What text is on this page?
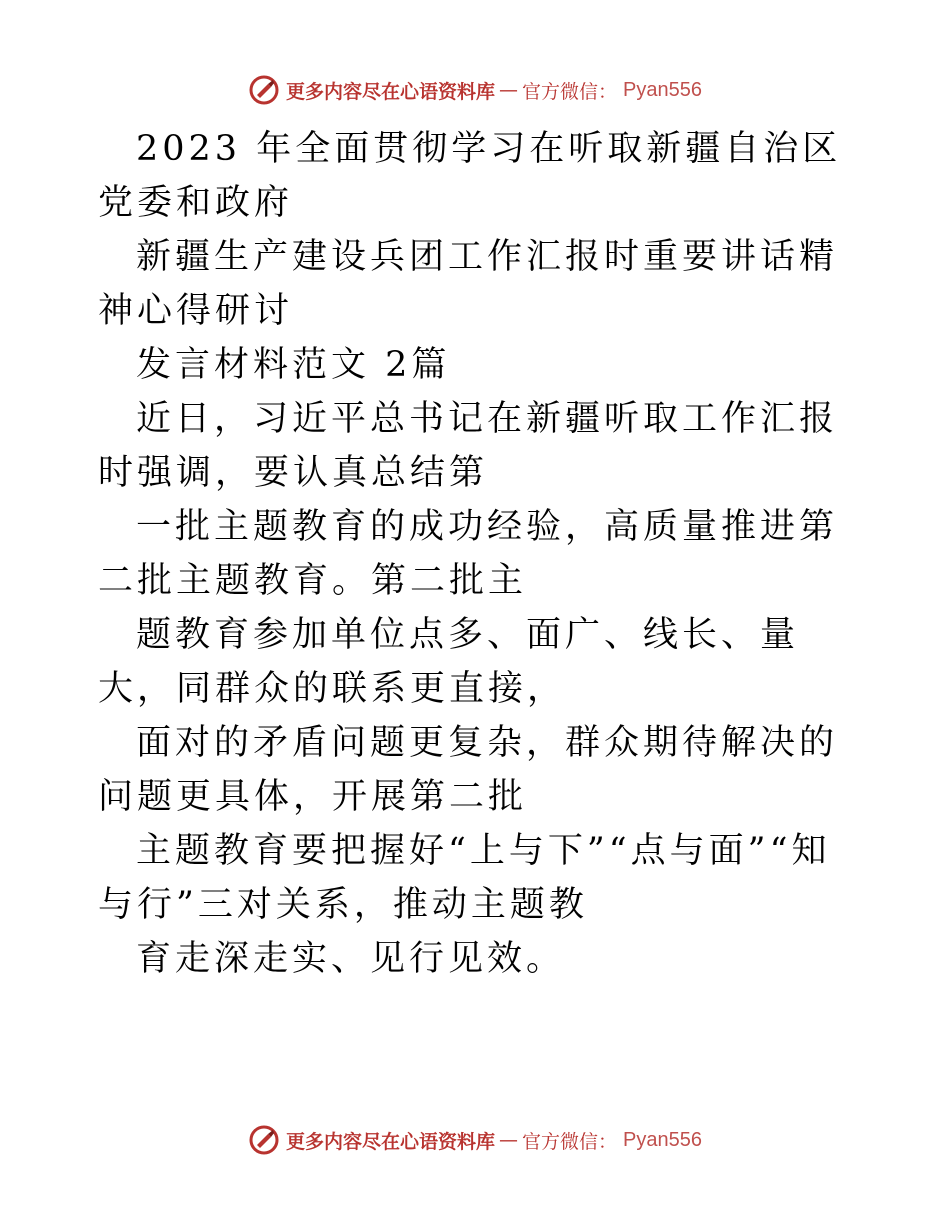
更多内容尽在心语资料库 — 官方微信： Pyan556

2023 年全面贯彻学习在听取新疆自治区党委和政府

新疆生产建设兵团工作汇报时重要讲话精神心得研讨

发言材料范文 2篇

近日，习近平总书记在新疆听取工作汇报时强调，要认真总结第

一批主题教育的成功经验，高质量推进第二批主题教育。第二批主

题教育参加单位点多、面广、线长、量大，同群众的联系更直接，

面对的矛盾问题更复杂，群众期待解决的问题更具体，开展第二批

主题教育要把握好“上与下”“点与面”“知与行”三对关系，推动主题教

育走深走实、见行见效。

更多内容尽在心语资料库 — 官方微信： Pyan556
